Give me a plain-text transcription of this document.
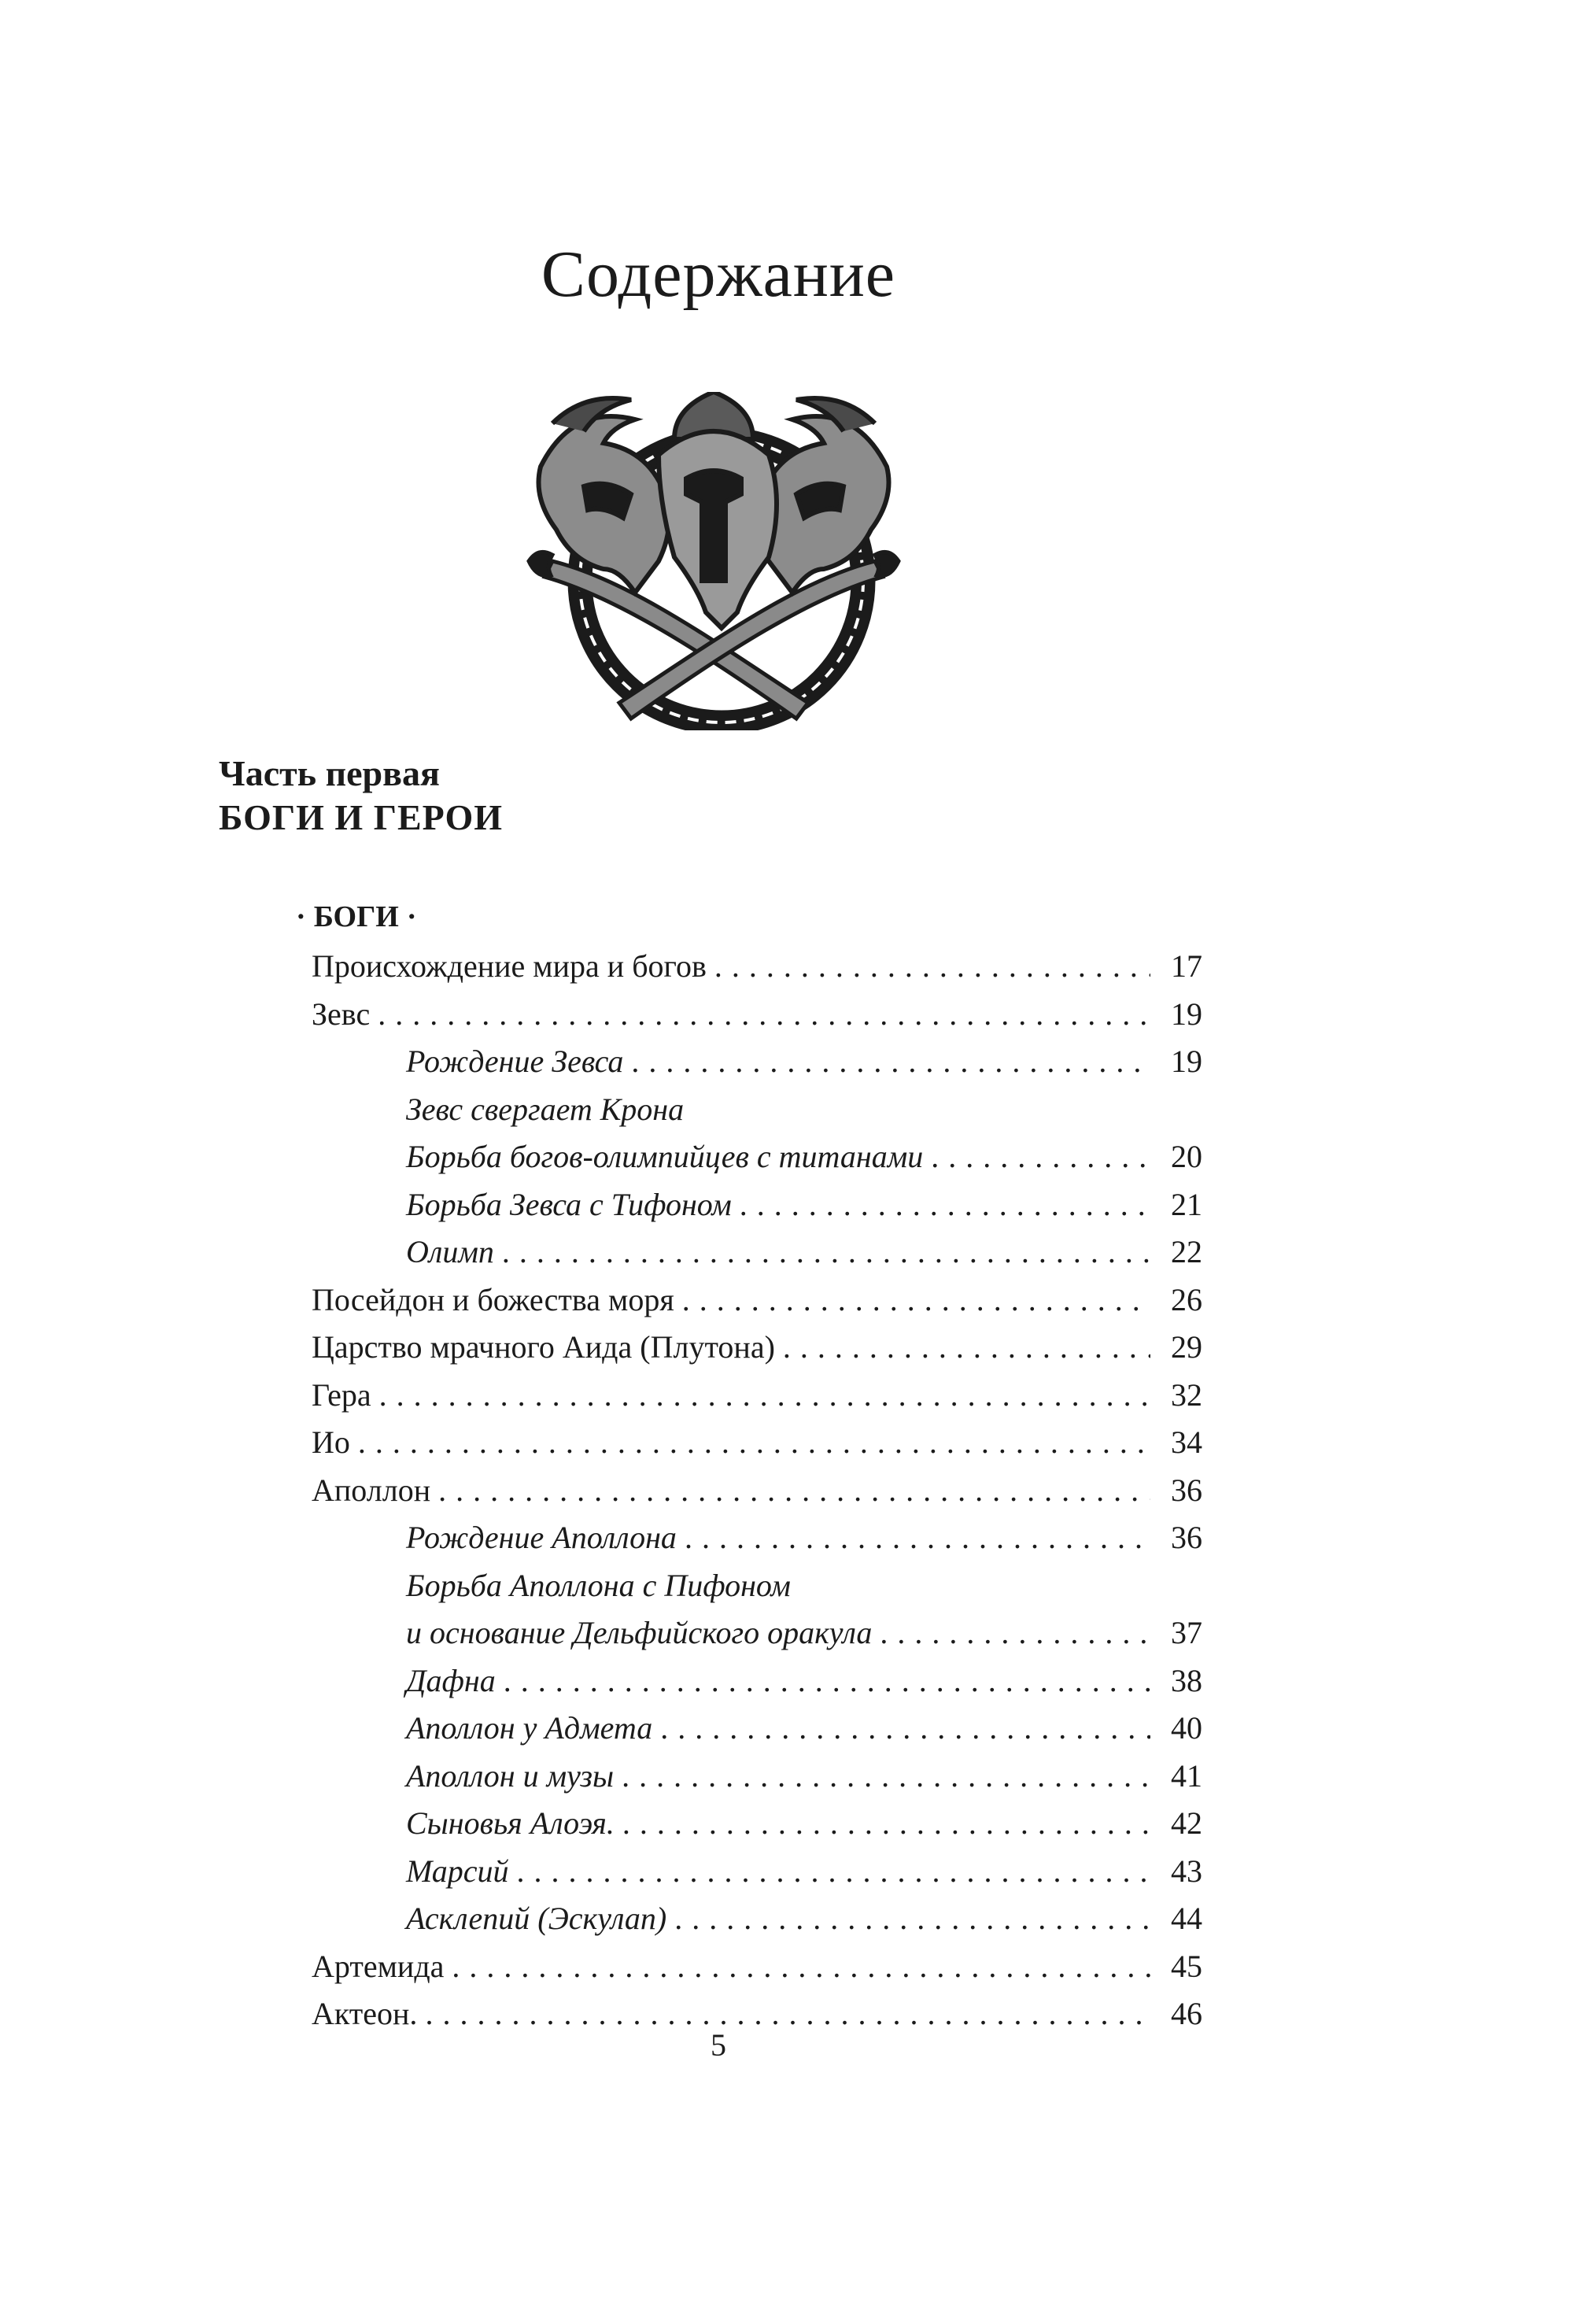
Содержание
Часть первая
БОГИ И ГЕРОИ
· БОГИ ·
Происхождение мира и богов . . .	17
Зевс . . .	19
Рождение Зевса . . .	19
Зевс свергает Крона
Борьба богов-олимпийцев с титанами . . .	20
Борьба Зевса с Тифоном . . .	21
Олимп . . .	22
Посейдон и божества моря . . .	26
Царство мрачного Аида (Плутона) . . .	29
Гера . . .	32
Ио . . .	34
Аполлон . . .	36
Рождение Аполлона . . .	36
Борьба Аполлона с Пифоном
и основание Дельфийского оракула . . .	37
Дафна . . .	38
Аполлон у Адмета . . .	40
Аполлон и музы . . .	41
Сыновья Алоэя. . . .	42
Марсий . . .	43
Асклепий (Эскулап) . . .	44
Артемида . . .	45
Актеон. . . .	46

5
